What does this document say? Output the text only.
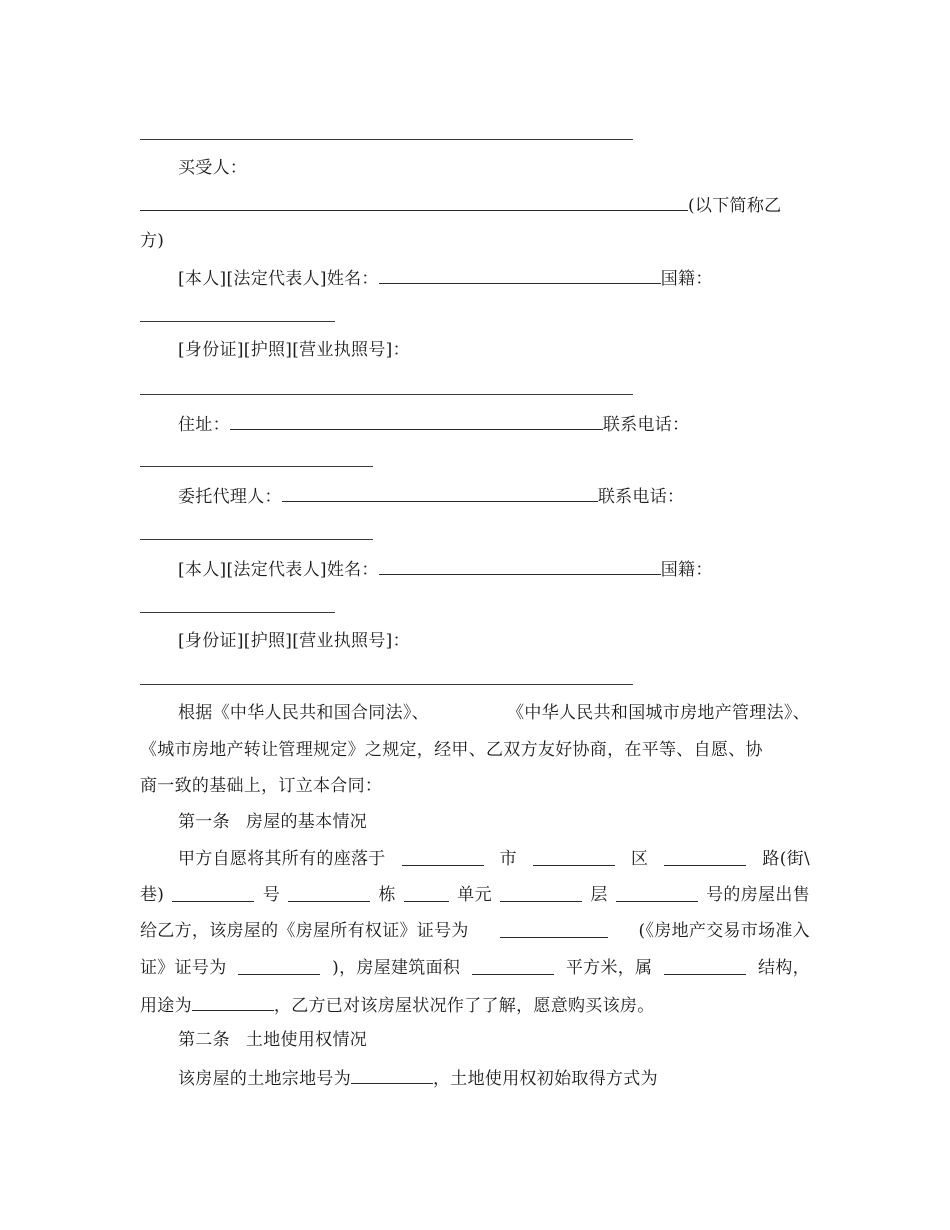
买受人：
(以下简称乙
方)
[本人][法定代表人]姓名：	国籍：
[身份证][护照][营业执照号]：
住址：	联系电话：
委托代理人：	联系电话：
[本人][法定代表人]姓名：	国籍：
[身份证][护照][营业执照号]：
根据《中华人民共和国合同法》、	《中华人民共和国城市房地产管理法》、
《城市房地产转让管理规定》之规定，经甲、乙双方友好协商，在平等、自愿、协
商一致的基础上，订立本合同：
第一条 房屋的基本情况
甲方自愿将其所有的座落于	市	区	路(街\
巷)	号	栋	单元	层	号的房屋出售
给乙方，该房屋的《房屋所有权证》证号为	(《房地产交易市场准入
证》证号为	)，房屋建筑面积	平方米，属	结构，
用途为	，乙方已对该房屋状况作了了解，愿意购买该房。
第二条 土地使用权情况
该房屋的土地宗地号为	，土地使用权初始取得方式为
